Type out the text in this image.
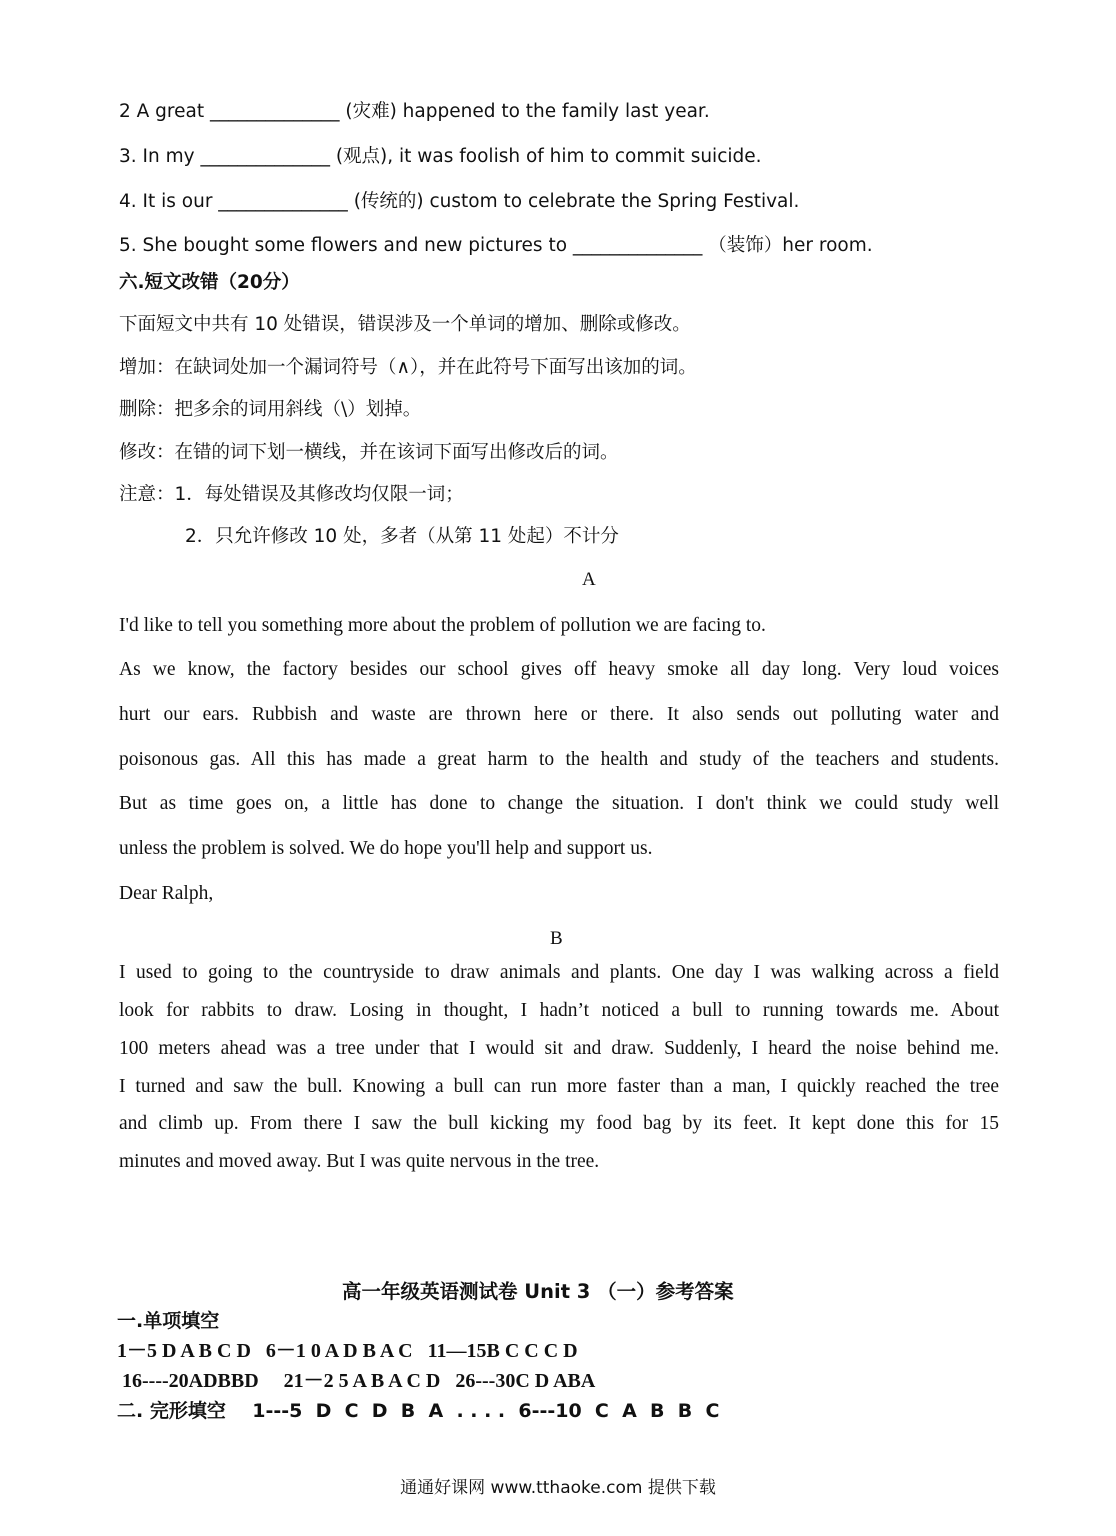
2 A great ______________ (灾难) happened to the family last year.
3. In my ______________ (观点), it was foolish of him to commit suicide.
4. It is our ______________ (传统的) custom to celebrate the Spring Festival.
5. She bought some flowers and new pictures to ______________ （装饰）her room.
六.短文改错（20分）
下面短文中共有 10 处错误，错误涉及一个单词的增加、删除或修改。
增加：在缺词处加一个漏词符号（∧），并在此符号下面写出该加的词。
删除：把多余的词用斜线（\）划掉。
修改：在错的词下划一横线，并在该词下面写出修改后的词。
注意：1．每处错误及其修改均仅限一词；
2．只允许修改 10 处，多者（从第 11 处起）不计分
A
I'd like to tell you something more about the problem of pollution we are facing to.
As we know, the factory besides our school gives off heavy smoke all day long. Very loud voices
hurt our ears. Rubbish and waste are thrown here or there. It also sends out polluting water and
poisonous gas. All this has made a great harm to the health and study of the teachers and students.
But as time goes on, a little has done to change the situation. I don't think we could study well
unless the problem is solved. We do hope you'll help and support us.
Dear Ralph,
B
I used to going to the countryside to draw animals and plants. One day I was walking across a field
look for rabbits to draw. Losing in thought, I hadn’t noticed a bull to running towards me. About
100 meters ahead was a tree under that I would sit and draw. Suddenly, I heard the noise behind me.
I turned and saw the bull. Knowing a bull can run more faster than a man, I quickly reached the tree
and climb up. From there I saw the bull kicking my food bag by its feet. It kept done this for 15
minutes and moved away. But I was quite nervous in the tree.
高一年级英语测试卷 Unit 3 （一）参考答案
一.单项填空
1－5 D A B C D   6－1 0 A D B A C   11—15B C C C D
16----20ADBBD     21－2 5 A B A C D   26---30C D ABA
二. 完形填空    1---5  D  C  D  B  A  . . . .  6---10  C  A  B  B  C
通通好课网 www.tthaoke.com 提供下载
